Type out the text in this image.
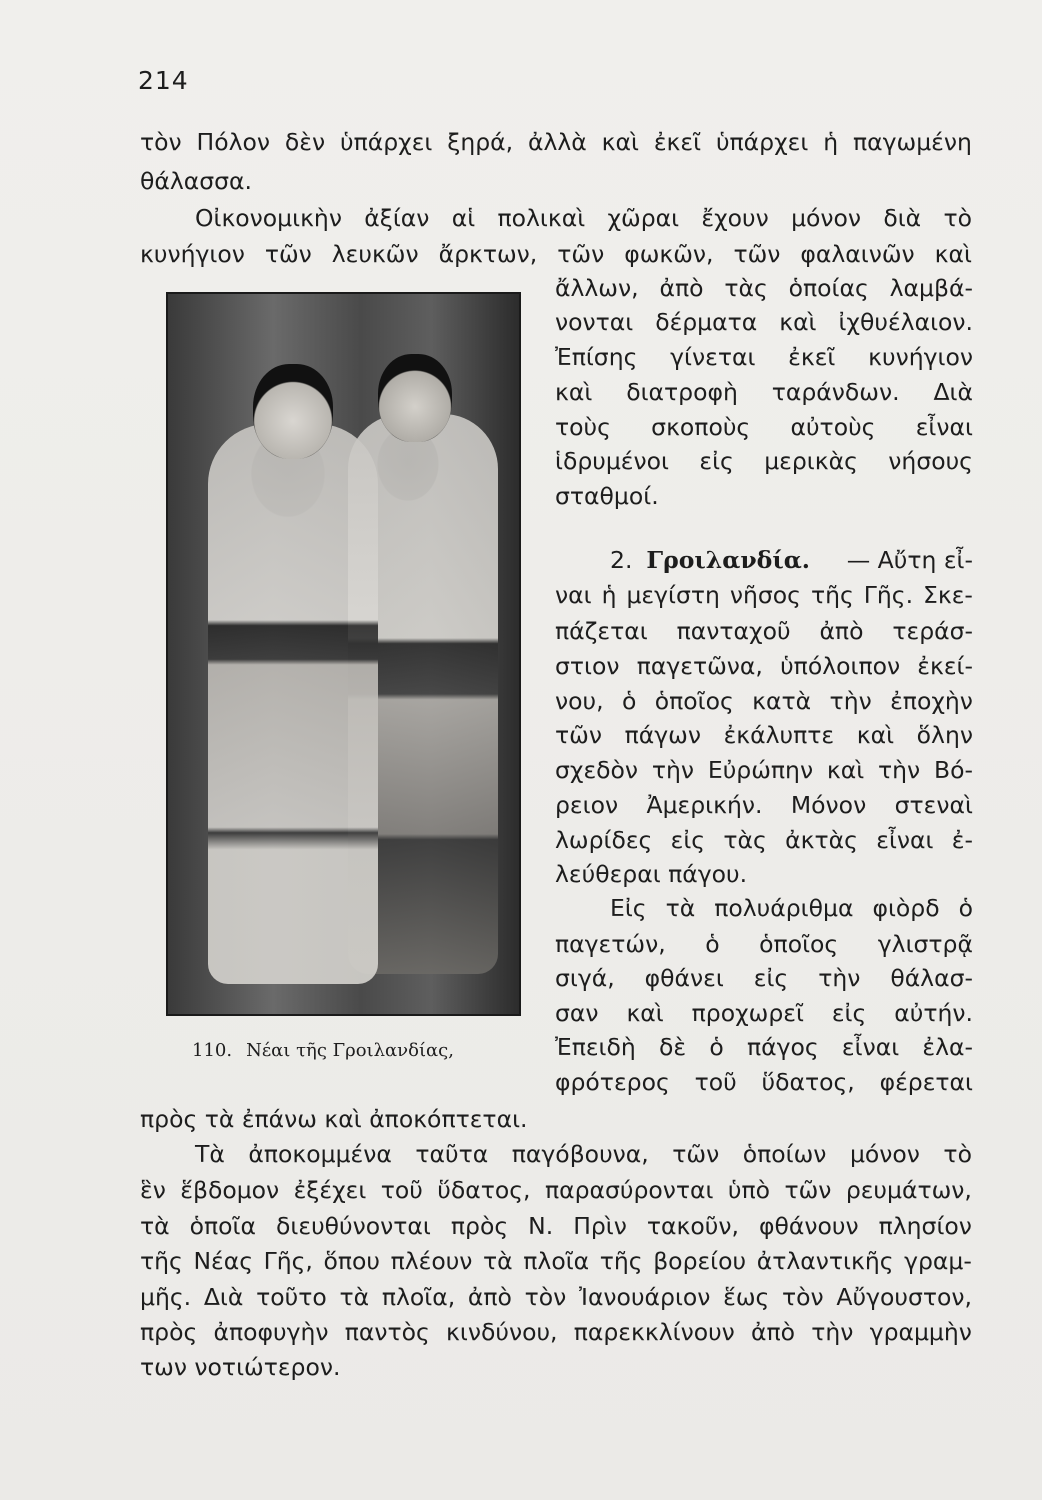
214
τὸν Πόλον δὲν ὑπάρχει ξηρά, ἀλλὰ καὶ ἐκεῖ ὑπάρχει ἡ παγωμένη
θάλασσα.
Οἰκονομικὴν ἀξίαν αἱ πολικαὶ χῶραι ἔχουν μόνον διὰ τὸ
κυνήγιον τῶν λευκῶν ἄρκτων, τῶν φωκῶν, τῶν φαλαινῶν καὶ
ἄλλων, ἀπὸ τὰς ὁποίας λαμβά-
νονται δέρματα καὶ ἰχθυέλαιον.
Ἐπίσης γίνεται ἐκεῖ κυνήγιον
καὶ διατροφὴ ταράνδων. Διὰ
τοὺς σκοποὺς αὐτοὺς εἶναι
ἱδρυμένοι εἰς μερικὰς νήσους
σταθμοί.
2. Γροιλανδία. — Αὔτη εἶ-
ναι ἡ μεγίστη νῆσος τῆς Γῆς. Σκε-
πάζεται πανταχοῦ ἀπὸ τεράσ-
στιον παγετῶνα, ὑπόλοιπον ἐκεί-
νου, ὁ ὁποῖος κατὰ τὴν ἐποχὴν
τῶν πάγων ἐκάλυπτε καὶ ὅλην
σχεδὸν τὴν Εὐρώπην καὶ τὴν Βό-
ρειον Ἀμερικήν. Μόνον στεναὶ
λωρίδες εἰς τὰς ἀκτὰς εἶναι ἐ-
λεύθεραι πάγου.
Εἰς τὰ πολυάριθμα φιὸρδ ὁ
παγετών, ὁ ὁποῖος γλιστρᾷ
σιγά, φθάνει εἰς τὴν θάλασ-
σαν καὶ προχωρεῖ εἰς αὐτήν.
Ἐπειδὴ δὲ ὁ πάγος εἶναι ἐλα-
φρότερος τοῦ ὕδατος, φέρεται
110. Νέαι τῆς Γροιλανδίας,
πρὸς τὰ ἐπάνω καὶ ἀποκόπτεται.
Τὰ ἀποκομμένα ταῦτα παγόβουνα, τῶν ὁποίων μόνον τὸ
ἓν ἕβδομον ἐξέχει τοῦ ὕδατος, παρασύρονται ὑπὸ τῶν ρευμάτων,
τὰ ὁποῖα διευθύνονται πρὸς Ν. Πρὶν τακοῦν, φθάνουν πλησίον
τῆς Νέας Γῆς, ὅπου πλέουν τὰ πλοῖα τῆς βορείου ἀτλαντικῆς γραμ-
μῆς. Διὰ τοῦτο τὰ πλοῖα, ἀπὸ τὸν Ἰανουάριον ἕως τὸν Αὔγουστον,
πρὸς ἀποφυγὴν παντὸς κινδύνου, παρεκκλίνουν ἀπὸ τὴν γραμμὴν
των νοτιώτερον.
